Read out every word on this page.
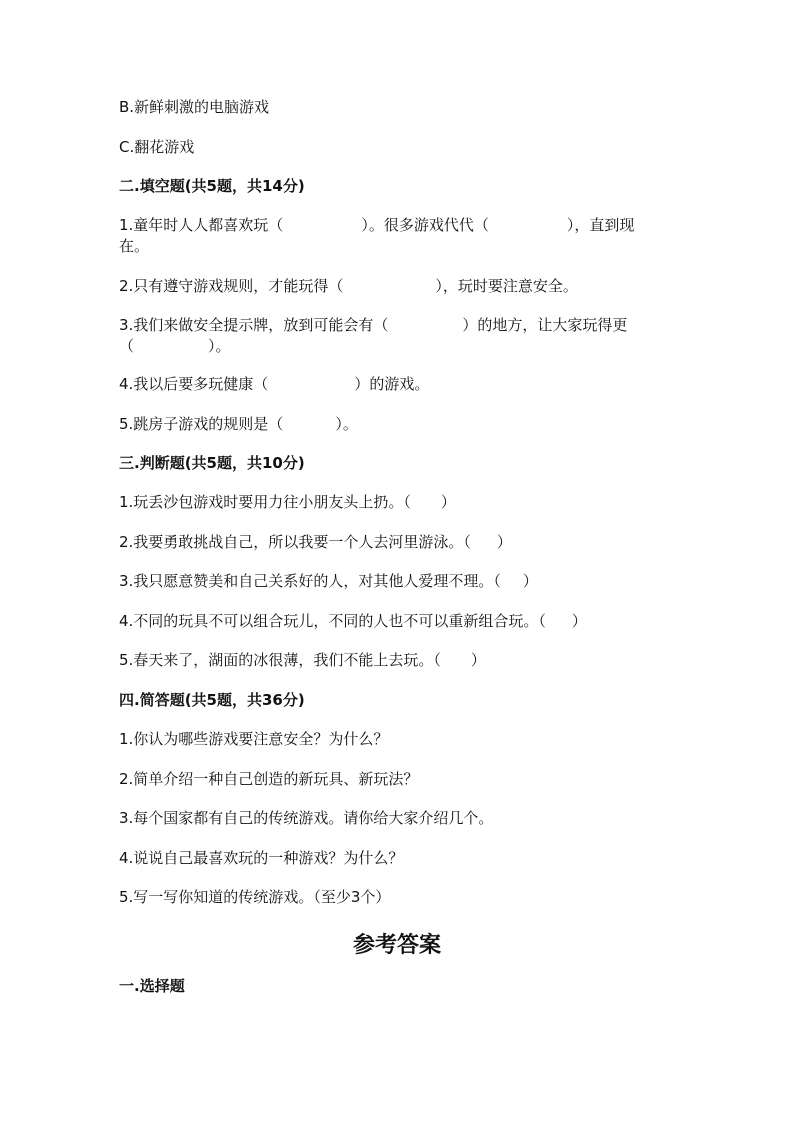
B.新鲜刺激的电脑游戏
C.翻花游戏
二.填空题(共5题，共14分)
1.童年时人人都喜欢玩（	）。很多游戏代代（	），直到现
在。
2.只有遵守游戏规则，才能玩得（	），玩时要注意安全。
3.我们来做安全提示牌，放到可能会有（	）的地方，让大家玩得更
（	）。
4.我以后要多玩健康（	）的游戏。
5.跳房子游戏的规则是（	）。
三.判断题(共5题，共10分)
1.玩丢沙包游戏时要用力往小朋友头上扔。（ ）
2.我要勇敢挑战自己，所以我要一个人去河里游泳。（ ）
3.我只愿意赞美和自己关系好的人，对其他人爱理不理。（ ）
4.不同的玩具不可以组合玩儿，不同的人也不可以重新组合玩。（ ）
5.春天来了，湖面的冰很薄，我们不能上去玩。（ ）
四.简答题(共5题，共36分)
1.你认为哪些游戏要注意安全？为什么？
2.简单介绍一种自己创造的新玩具、新玩法？
3.每个国家都有自己的传统游戏。请你给大家介绍几个。
4.说说自己最喜欢玩的一种游戏？为什么？
5.写一写你知道的传统游戏。（至少3个）
参考答案
一.选择题
